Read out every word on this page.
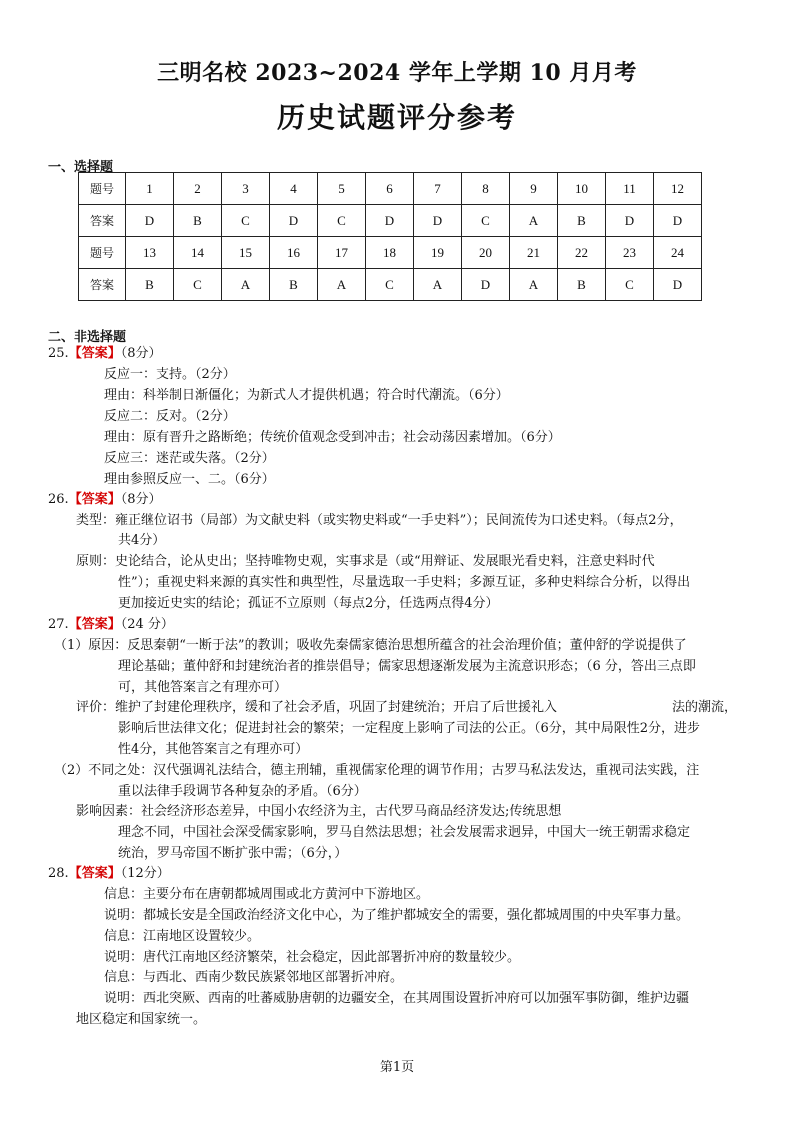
三明名校 2023~2024 学年上学期 10 月月考
历史试题评分参考
一、选择题
题号	1	2	3	4	5	6	7	8	9	10	11	12
答案	D	B	C	D	C	D	D	C	A	B	D	D
题号	13	14	15	16	17	18	19	20	21	22	23	24
答案	B	C	A	B	A	C	A	D	A	B	C	D
二、非选择题
25.【答案】（8分）
反应一：支持。（2分）
理由：科举制日渐僵化；为新式人才提供机遇；符合时代潮流。（6分）
反应二：反对。（2分）
理由：原有晋升之路断绝；传统价值观念受到冲击；社会动荡因素增加。（6分）
反应三：迷茫或失落。（2分）
理由参照反应一、二。（6分）
26.【答案】（8分）
类型：雍正继位诏书（局部）为文献史料（或实物史料或“一手史料”）；民间流传为口述史料。（每点2分，
共4分）
原则：史论结合，论从史出；坚持唯物史观，实事求是（或“用辩证、发展眼光看史料，注意史料时代
性”）；重视史料来源的真实性和典型性，尽量选取一手史料；多源互证，多种史料综合分析，以得出
更加接近史实的结论；孤证不立原则（每点2分，任选两点得4分）
27.【答案】（24 分）
（1）原因：反思秦朝“一断于法”的教训；吸收先秦儒家德治思想所蕴含的社会治理价值；董仲舒的学说提供了
理论基础；董仲舒和封建统治者的推崇倡导；儒家思想逐渐发展为主流意识形态；（6 分，答出三点即
可，其他答案言之有理亦可）
评价：维护了封建伦理秩序，缓和了社会矛盾，巩固了封建统治；开启了后世援礼入	法的潮流，
影响后世法律文化；促进封社会的繁荣；一定程度上影响了司法的公正。（6分，其中局限性2分，进步
性4分，其他答案言之有理亦可）
（2）不同之处：汉代强调礼法结合，德主刑辅，重视儒家伦理的调节作用；古罗马私法发达，重视司法实践，注
重以法律手段调节各种复杂的矛盾。（6分）
影响因素：社会经济形态差异，中国小农经济为主，古代罗马商品经济发达;传统思想
理念不同，中国社会深受儒家影响，罗马自然法思想；社会发展需求迥异，中国大一统王朝需求稳定
统治，罗马帝国不断扩张中需；（6分，）
28.【答案】（12分）
信息：主要分布在唐朝都城周围或北方黄河中下游地区。
说明：都城长安是全国政治经济文化中心，为了维护都城安全的需要，强化都城周围的中央军事力量。
信息：江南地区设置较少。
说明：唐代江南地区经济繁荣，社会稳定，因此部署折冲府的数量较少。
信息：与西北、西南少数民族紧邻地区部署折冲府。
说明：西北突厥、西南的吐蕃威胁唐朝的边疆安全，在其周围设置折冲府可以加强军事防御，维护边疆
地区稳定和国家统一。
第1页
